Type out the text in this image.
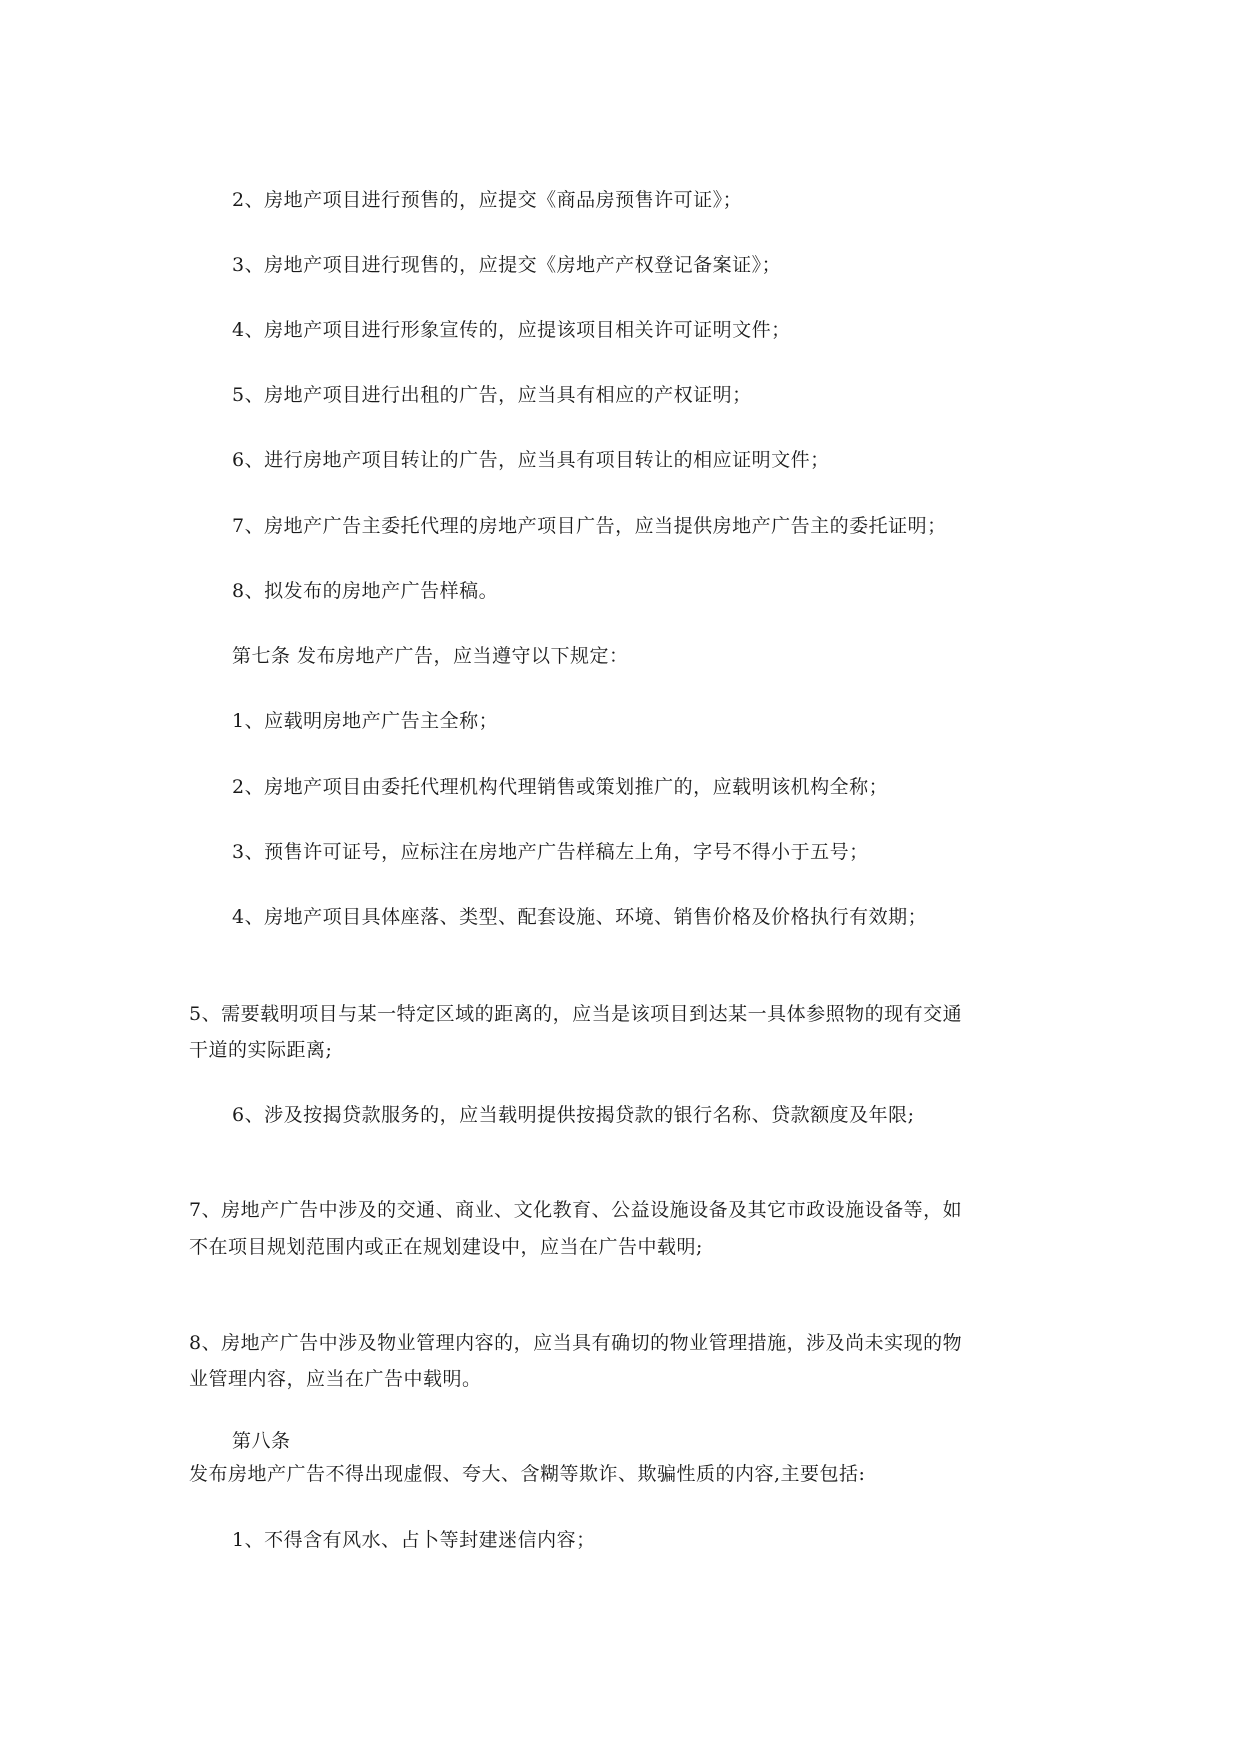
2、房地产项目进行预售的，应提交《商品房预售许可证》；
3、房地产项目进行现售的，应提交《房地产产权登记备案证》；
4、房地产项目进行形象宣传的，应提该项目相关许可证明文件；
5、房地产项目进行出租的广告，应当具有相应的产权证明；
6、进行房地产项目转让的广告，应当具有项目转让的相应证明文件；
7、房地产广告主委托代理的房地产项目广告，应当提供房地产广告主的委托证明；
8、拟发布的房地产广告样稿。
第七条 发布房地产广告，应当遵守以下规定：
1、应载明房地产广告主全称；
2、房地产项目由委托代理机构代理销售或策划推广的，应载明该机构全称；
3、预售许可证号，应标注在房地产广告样稿左上角，字号不得小于五号；
4、房地产项目具体座落、类型、配套设施、环境、销售价格及价格执行有效期；
5、需要载明项目与某一特定区域的距离的，应当是该项目到达某一具体参照物的现有交通
干道的实际距离;
6、涉及按揭贷款服务的，应当载明提供按揭贷款的银行名称、贷款额度及年限;
7、房地产广告中涉及的交通、商业、文化教育、公益设施设备及其它市政设施设备等，如
不在项目规划范围内或正在规划建设中，应当在广告中载明;
8、房地产广告中涉及物业管理内容的，应当具有确切的物业管理措施，涉及尚未实现的物
业管理内容，应当在广告中载明。
第八条
发布房地产广告不得出现虚假、夸大、含糊等欺诈、欺骗性质的内容,主要包括:
1、不得含有风水、占卜等封建迷信内容；
